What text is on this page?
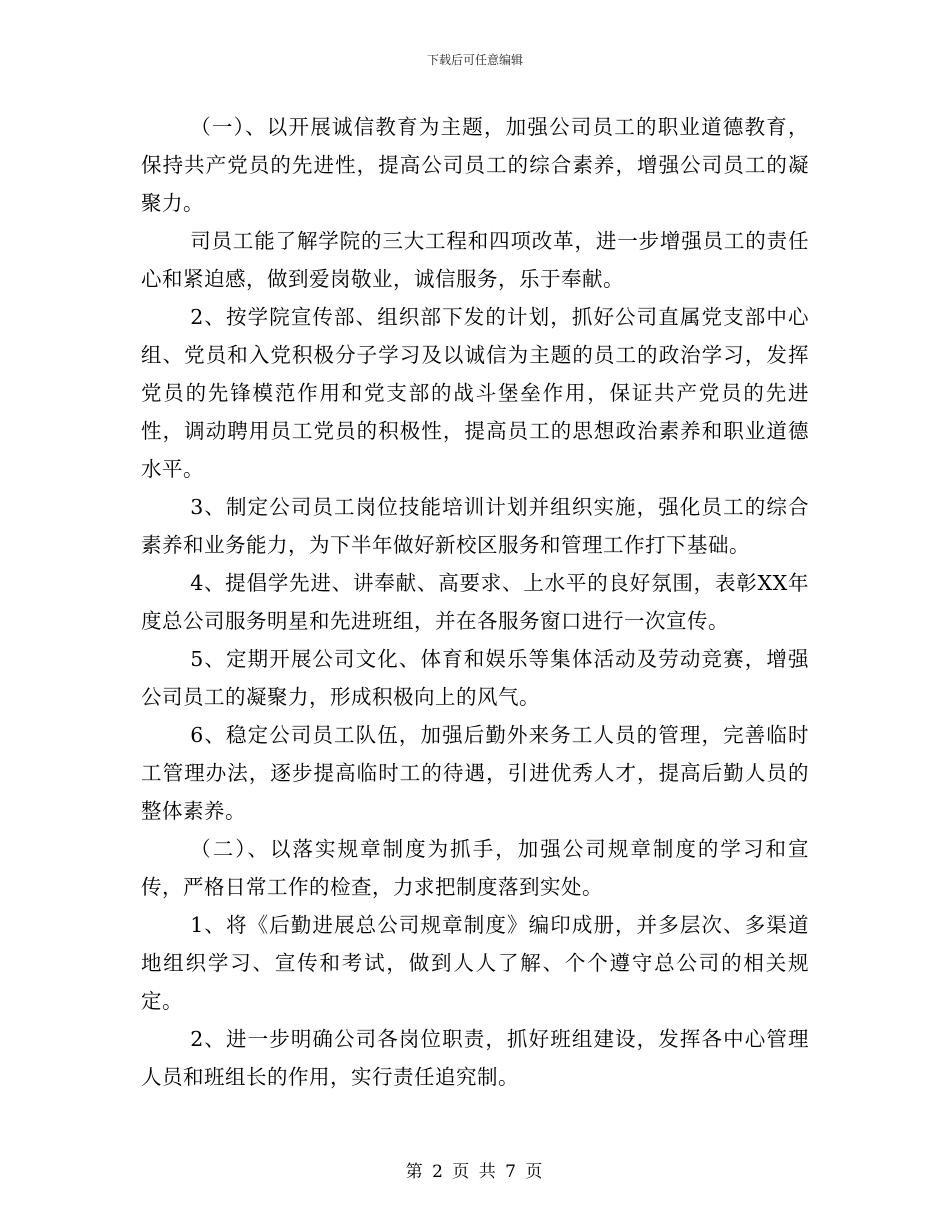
下载后可任意编辑

（一）、以开展诚信教育为主题，加强公司员工的职业道德教育，保持共产党员的先进性，提高公司员工的综合素养，增强公司员工的凝聚力。

司员工能了解学院的三大工程和四项改革，进一步增强员工的责任心和紧迫感，做到爱岗敬业，诚信服务，乐于奉献。

2、按学院宣传部、组织部下发的计划，抓好公司直属党支部中心组、党员和入党积极分子学习及以诚信为主题的员工的政治学习，发挥党员的先锋模范作用和党支部的战斗堡垒作用，保证共产党员的先进性，调动聘用员工党员的积极性，提高员工的思想政治素养和职业道德水平。

3、制定公司员工岗位技能培训计划并组织实施，强化员工的综合素养和业务能力，为下半年做好新校区服务和管理工作打下基础。

4、提倡学先进、讲奉献、高要求、上水平的良好氛围，表彰XX年度总公司服务明星和先进班组，并在各服务窗口进行一次宣传。

5、定期开展公司文化、体育和娱乐等集体活动及劳动竞赛，增强公司员工的凝聚力，形成积极向上的风气。

6、稳定公司员工队伍，加强后勤外来务工人员的管理，完善临时工管理办法，逐步提高临时工的待遇，引进优秀人才，提高后勤人员的整体素养。

（二）、以落实规章制度为抓手，加强公司规章制度的学习和宣传，严格日常工作的检查，力求把制度落到实处。

1、将《后勤进展总公司规章制度》编印成册，并多层次、多渠道地组织学习、宣传和考试，做到人人了解、个个遵守总公司的相关规定。

2、进一步明确公司各岗位职责，抓好班组建设，发挥各中心管理人员和班组长的作用，实行责任追究制。

第 2 页 共 7 页
